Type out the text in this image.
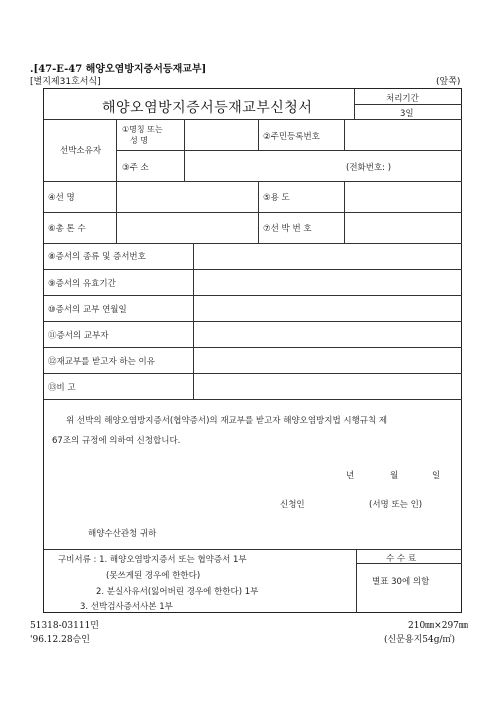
.[47-E-47 해양오염방지증서등재교부]
[별지제31호서식]	(앞쪽)
해양오염방지증서등재교부신청서
처리기간
3일
선박소유자
①명칭 또는
성 명	②주민등록번호
③주 소	(전화번호: )
④선 명	⑤용 도
⑥총 톤 수	⑦선 박 번 호
⑧증서의 종류 및 증서번호
⑨증서의 유효기간
⑩증서의 교부 연월일
⑪증서의 교부자
⑫재교부를 받고자 하는 이유
⑬비 고
위 선박의 해양오염방지증서(협약증서)의 재교부를 받고자 해양오염방지법 시행규칙 제
67조의 규정에 의하여 신청합니다.
년	월	일
신청인	(서명 또는 인)
해양수산관청 귀하
구비서류 : 1. 해양오염방지증서 또는 협약증서 1부
(못쓰게된 경우에 한한다)
2. 분실사유서(잃어버린 경우에 한한다) 1부
3. 선박검사증서사본 1부
수 수 료
별표 30에 의함
51318-03111민
'96.12.28승인
210㎜×297㎜
(신문용지54g/㎡)
